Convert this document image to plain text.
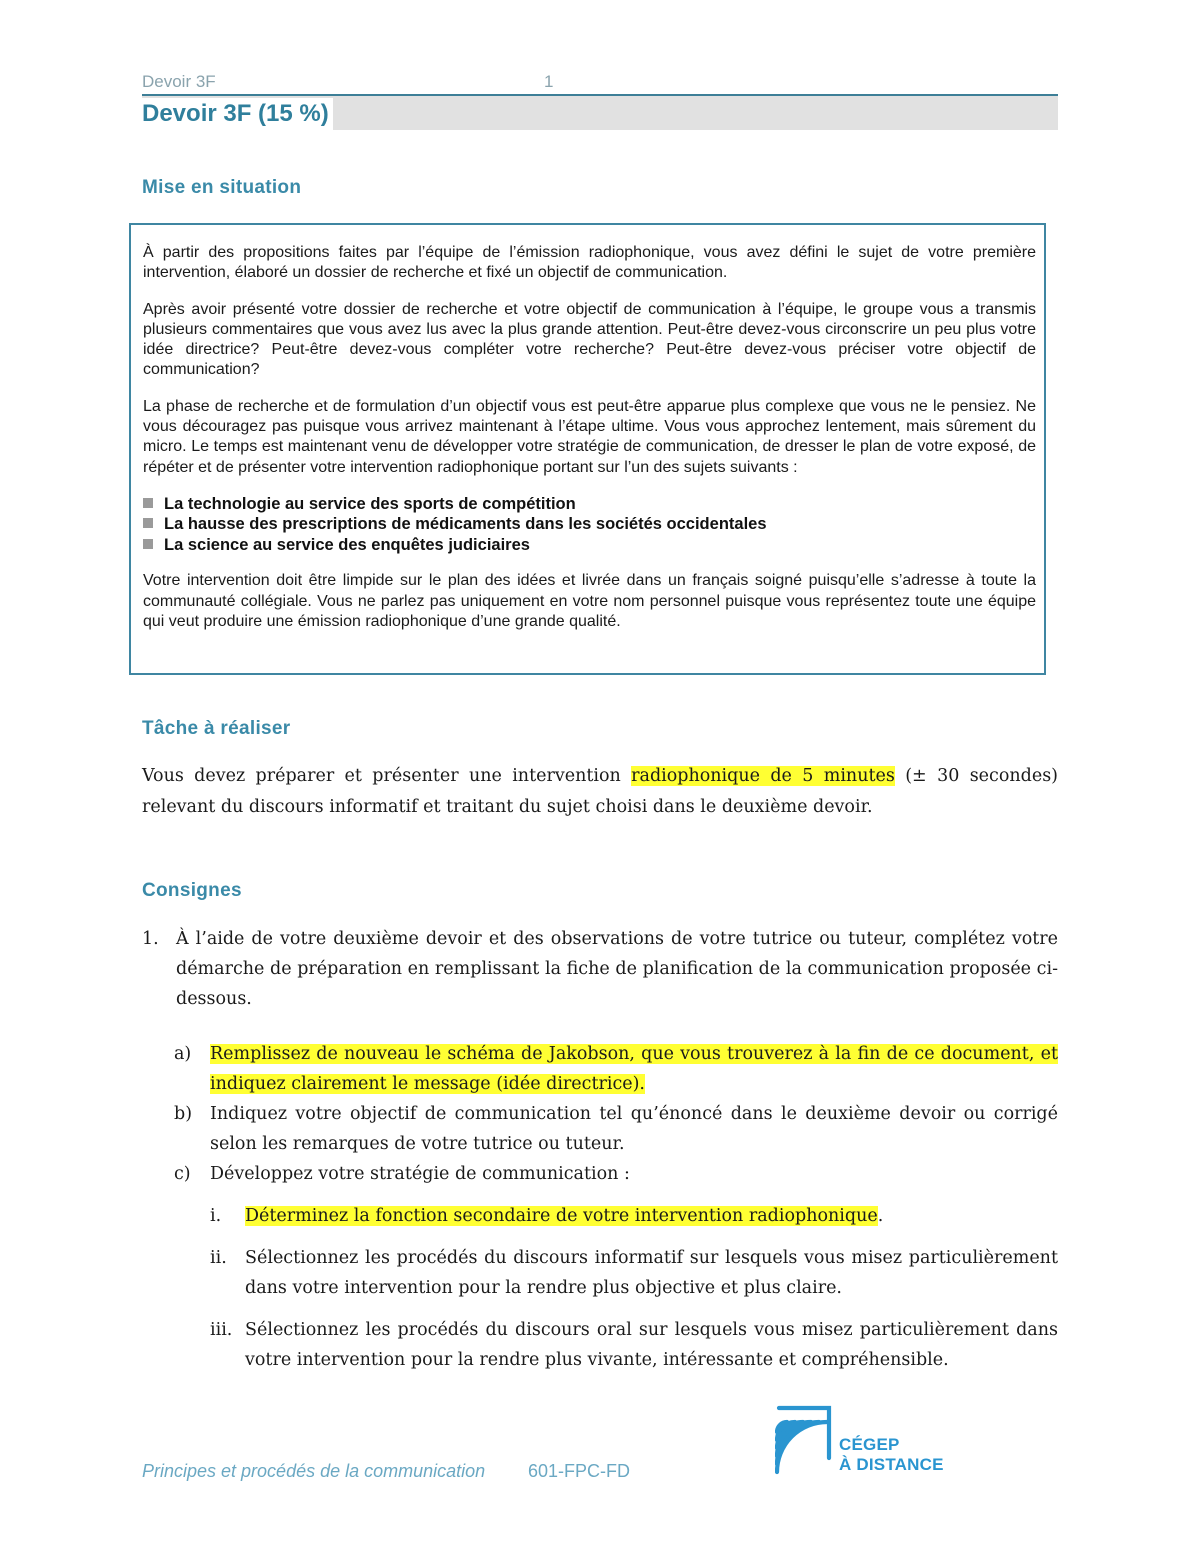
Devoir 3F	1
Devoir 3F (15 %)
Mise en situation

À partir des propositions faites par l’équipe de l’émission radiophonique, vous avez défini le sujet de votre première intervention, élaboré un dossier de recherche et fixé un objectif de communication.

Après avoir présenté votre dossier de recherche et votre objectif de communication à l’équipe, le groupe vous a transmis plusieurs commentaires que vous avez lus avec la plus grande attention. Peut-être devez-vous circonscrire un peu plus votre idée directrice? Peut-être devez-vous compléter votre recherche? Peut-être devez-vous préciser votre objectif de communication?

La phase de recherche et de formulation d’un objectif vous est peut-être apparue plus complexe que vous ne le pensiez. Ne vous découragez pas puisque vous arrivez maintenant à l’étape ultime. Vous vous approchez lentement, mais sûrement du micro. Le temps est maintenant venu de développer votre stratégie de communication, de dresser le plan de votre exposé, de répéter et de présenter votre intervention radiophonique portant sur l’un des sujets suivants :

La technologie au service des sports de compétition
La hausse des prescriptions de médicaments dans les sociétés occidentales
La science au service des enquêtes judiciaires

Votre intervention doit être limpide sur le plan des idées et livrée dans un français soigné puisqu’elle s’adresse à toute la communauté collégiale. Vous ne parlez pas uniquement en votre nom personnel puisque vous représentez toute une équipe qui veut produire une émission radiophonique d’une grande qualité.

Tâche à réaliser

Vous devez préparer et présenter une intervention radiophonique de 5 minutes (± 30 secondes) relevant du discours informatif et traitant du sujet choisi dans le deuxième devoir.

Consignes
1. À l’aide de votre deuxième devoir et des observations de votre tutrice ou tuteur, complétez votre démarche de préparation en remplissant la fiche de planification de la communication proposée ci-dessous.
a) Remplissez de nouveau le schéma de Jakobson, que vous trouverez à la fin de ce document, et indiquez clairement le message (idée directrice).
b) Indiquez votre objectif de communication tel qu’énoncé dans le deuxième devoir ou corrigé selon les remarques de votre tutrice ou tuteur.
c) Développez votre stratégie de communication :
i. Déterminez la fonction secondaire de votre intervention radiophonique.
ii. Sélectionnez les procédés du discours informatif sur lesquels vous misez particulièrement dans votre intervention pour la rendre plus objective et plus claire.
iii. Sélectionnez les procédés du discours oral sur lesquels vous misez particulièrement dans votre intervention pour la rendre plus vivante, intéressante et compréhensible.
Principes et procédés de la communication 601-FPC-FD
CÉGEP
À DISTANCE
